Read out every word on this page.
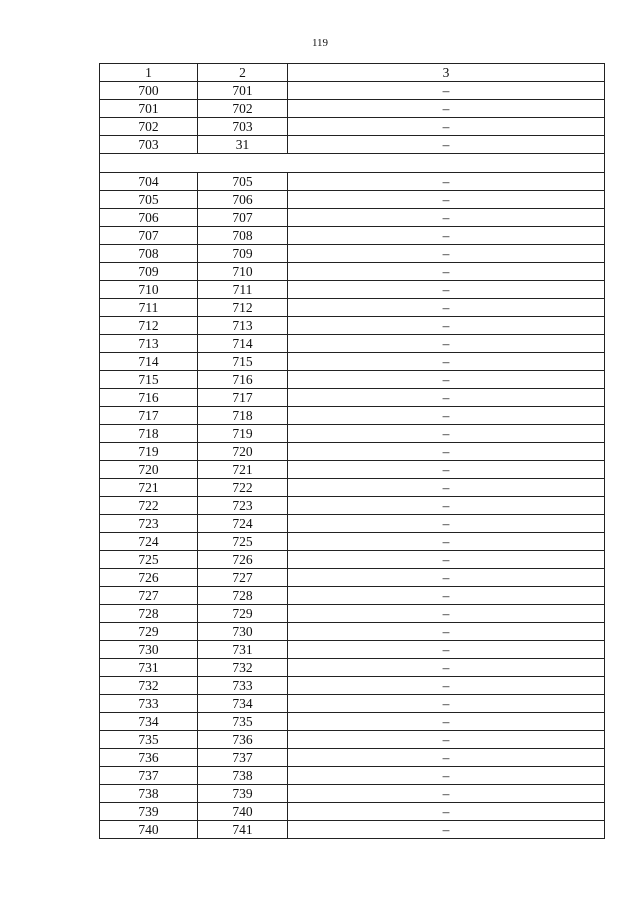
119
1	2	3
700	701	–
701	702	–
702	703	–
703	31	–

704	705	–
705	706	–
706	707	–
707	708	–
708	709	–
709	710	–
710	711	–
711	712	–
712	713	–
713	714	–
714	715	–
715	716	–
716	717	–
717	718	–
718	719	–
719	720	–
720	721	–
721	722	–
722	723	–
723	724	–
724	725	–
725	726	–
726	727	–
727	728	–
728	729	–
729	730	–
730	731	–
731	732	–
732	733	–
733	734	–
734	735	–
735	736	–
736	737	–
737	738	–
738	739	–
739	740	–
740	741	–
